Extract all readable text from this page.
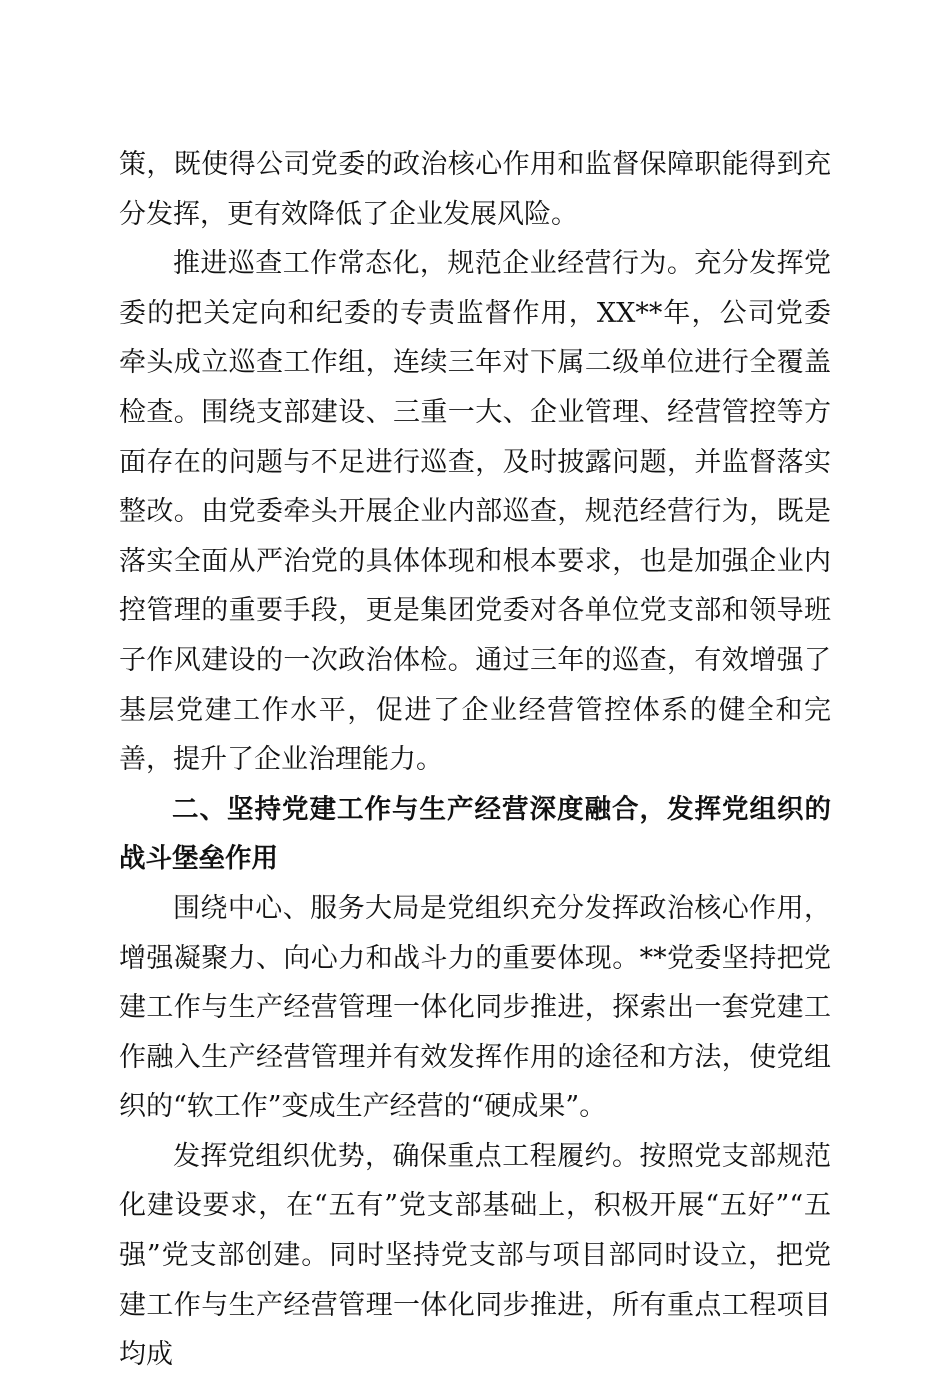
策，既使得公司党委的政治核心作用和监督保障职能得到充分发挥，更有效降低了企业发展风险。

推进巡查工作常态化，规范企业经营行为。充分发挥党委的把关定向和纪委的专责监督作用，XX**年，公司党委牵头成立巡查工作组，连续三年对下属二级单位进行全覆盖检查。围绕支部建设、三重一大、企业管理、经营管控等方面存在的问题与不足进行巡查，及时披露问题，并监督落实整改。由党委牵头开展企业内部巡查，规范经营行为，既是落实全面从严治党的具体体现和根本要求，也是加强企业内控管理的重要手段，更是集团党委对各单位党支部和领导班子作风建设的一次政治体检。通过三年的巡查，有效增强了基层党建工作水平，促进了企业经营管控体系的健全和完善，提升了企业治理能力。

二、坚持党建工作与生产经营深度融合，发挥党组织的战斗堡垒作用

围绕中心、服务大局是党组织充分发挥政治核心作用，增强凝聚力、向心力和战斗力的重要体现。**党委坚持把党建工作与生产经营管理一体化同步推进，探索出一套党建工作融入生产经营管理并有效发挥作用的途径和方法，使党组织的“软工作”变成生产经营的“硬成果”。

发挥党组织优势，确保重点工程履约。按照党支部规范化建设要求，在“五有”党支部基础上，积极开展“五好”“五强”党支部创建。同时坚持党支部与项目部同时设立，把党建工作与生产经营管理一体化同步推进，所有重点工程项目均成
